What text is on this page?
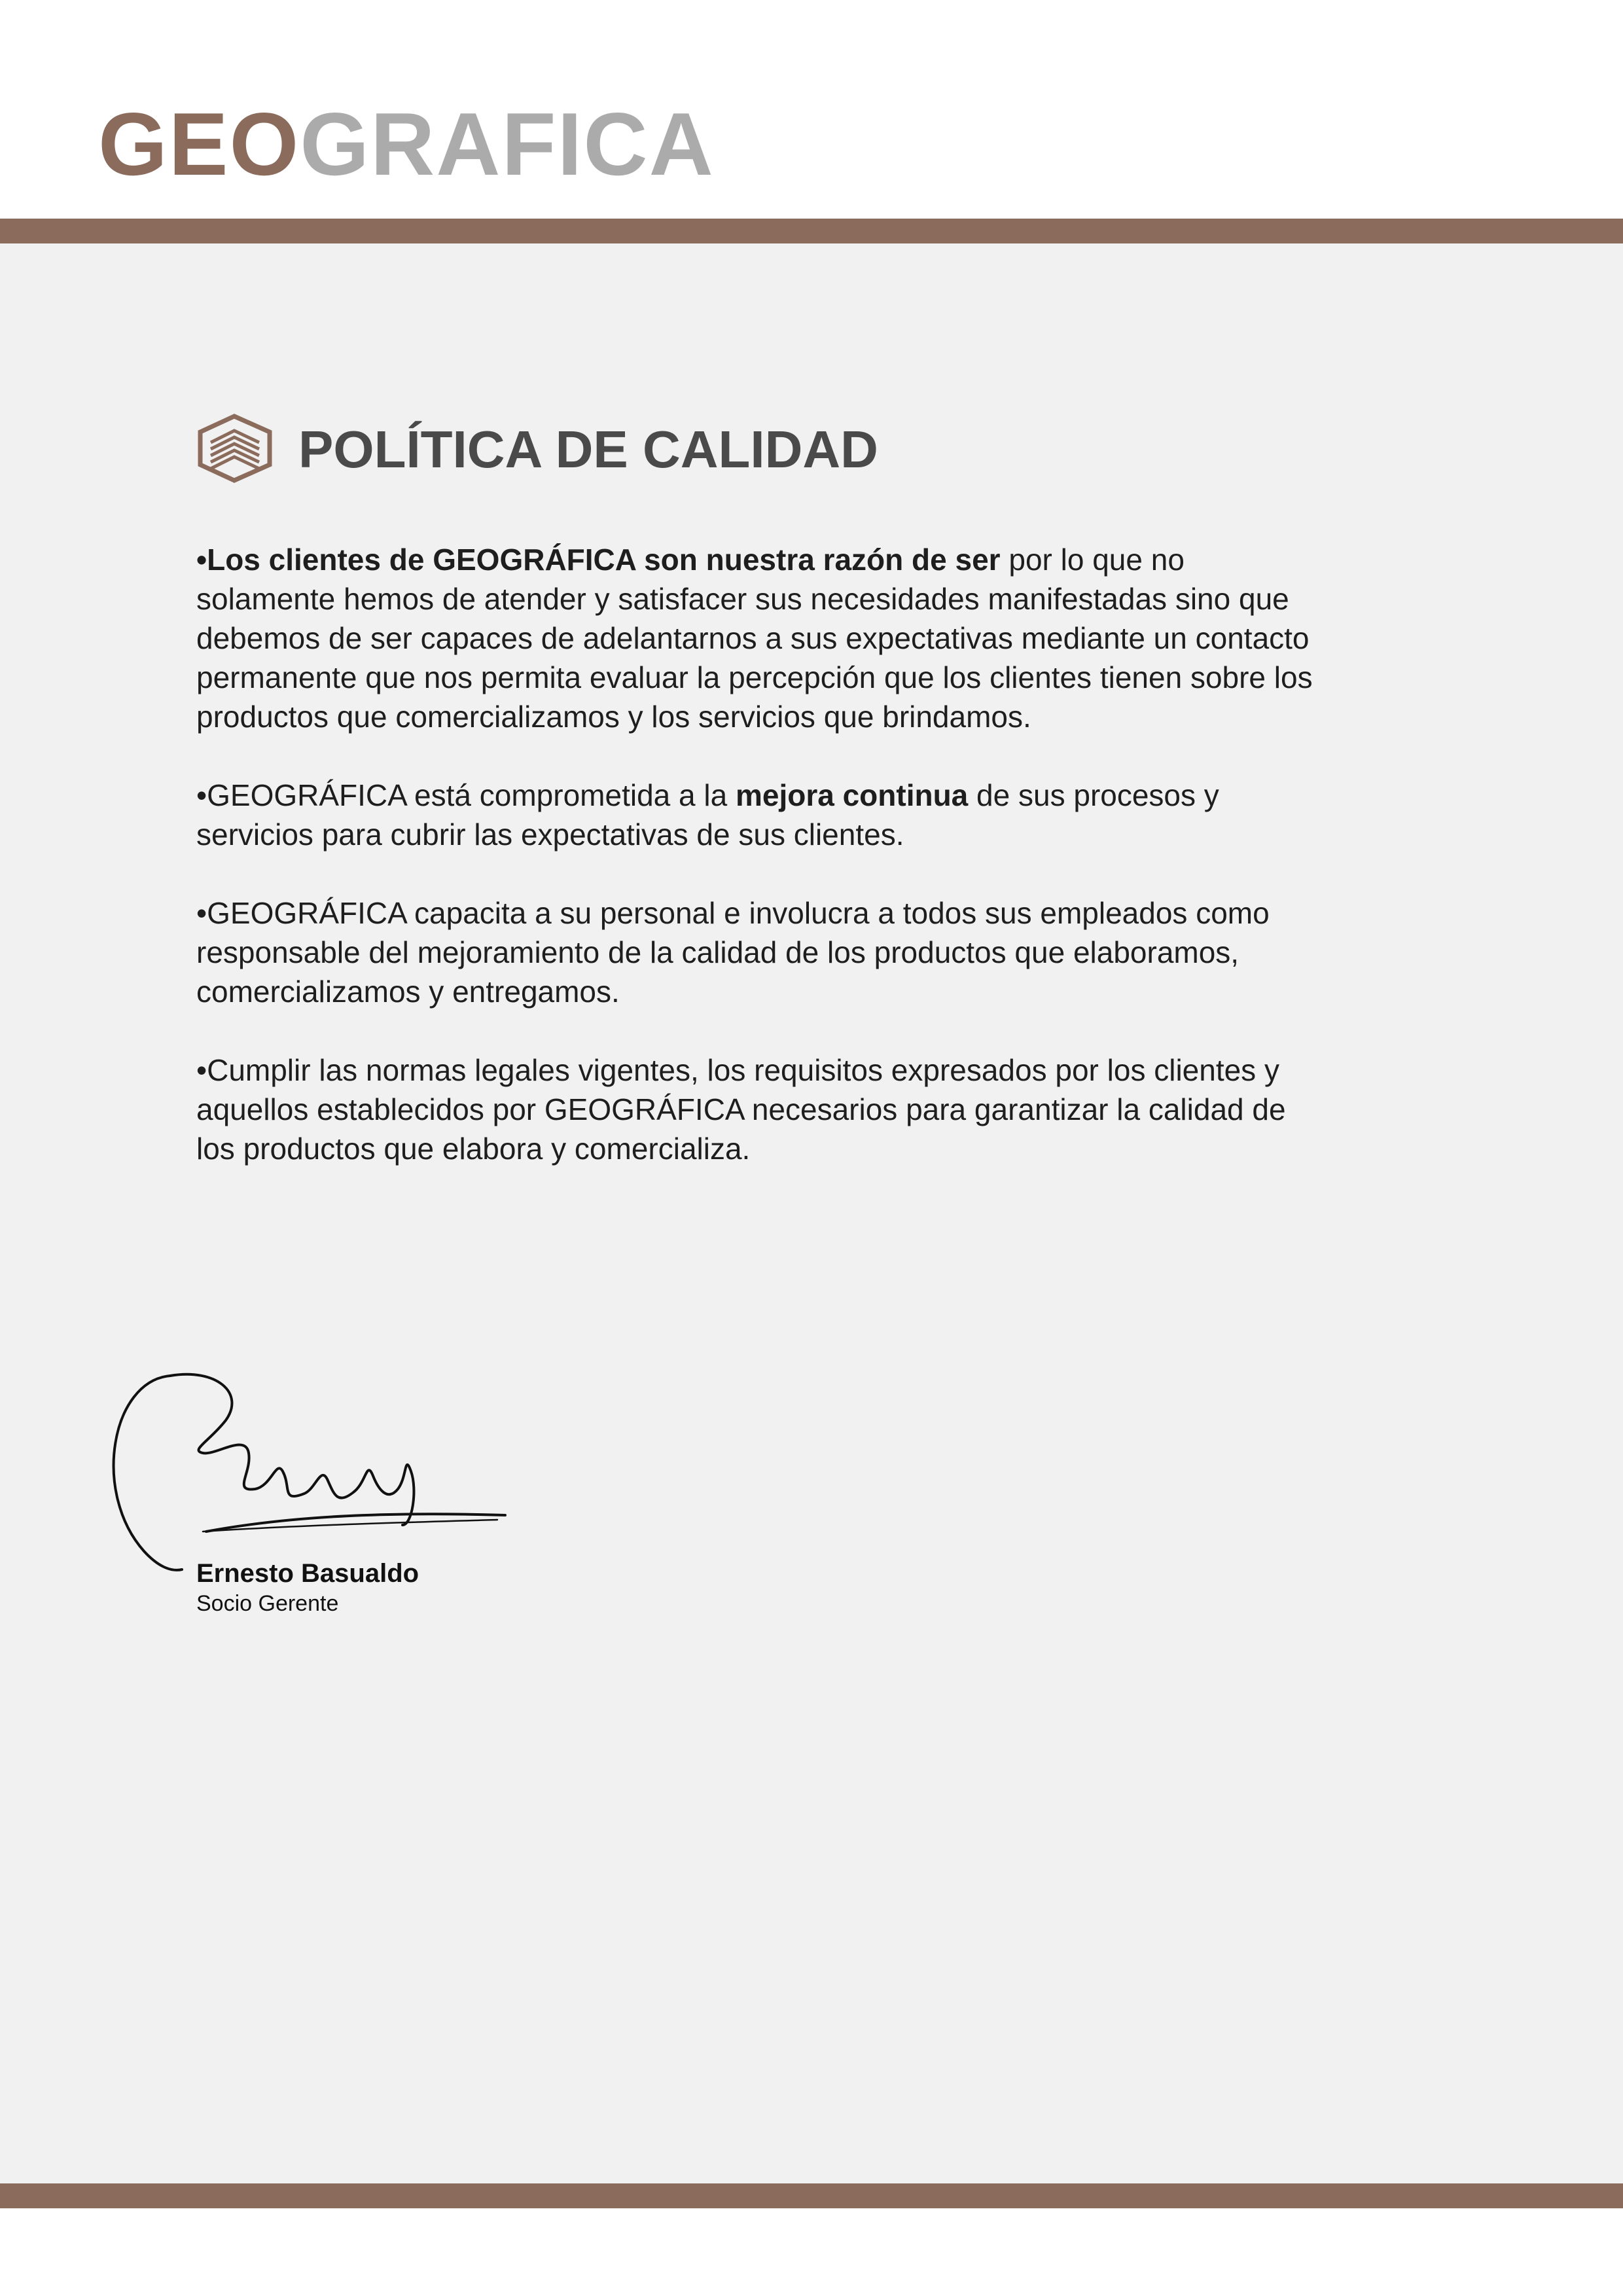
GEOGRAFICA
POLÍTICA DE CALIDAD

•Los clientes de GEOGRÁFICA son nuestra razón de ser por lo que no solamente hemos de atender y satisfacer sus necesidades manifestadas sino que debemos de ser capaces de adelantarnos a sus expectativas mediante un contacto permanente que nos permita evaluar la percepción que los clientes tienen sobre los productos que comercializamos y los servicios que brindamos.

•GEOGRÁFICA está comprometida a la mejora continua de sus procesos y servicios para cubrir las expectativas de sus clientes.

•GEOGRÁFICA capacita a su personal e involucra a todos sus empleados como responsable del mejoramiento de la calidad de los productos que elaboramos, comercializamos y entregamos.

•Cumplir las normas legales vigentes, los requisitos expresados por los clientes y aquellos establecidos por GEOGRÁFICA necesarios para garantizar la calidad de los productos que elabora y comercializa.

Ernesto Basualdo
Socio Gerente
